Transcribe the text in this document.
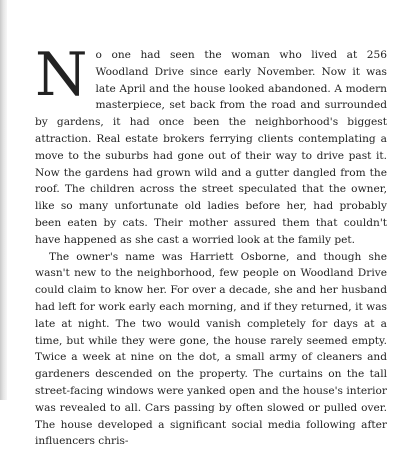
No one had seen the woman who lived at 256 Woodland Drive since early November. Now it was late April and the house looked abandoned. A modern masterpiece, set back from the road and surrounded by gardens, it had once been the neighborhood's biggest attraction. Real estate brokers ferrying clients contemplating a move to the suburbs had gone out of their way to drive past it. Now the gardens had grown wild and a gutter dangled from the roof. The children across the street speculated that the owner, like so many unfortunate old ladies before her, had probably been eaten by cats. Their mother assured them that couldn't have happened as she cast a worried look at the family pet.

The owner's name was Harriett Osborne, and though she wasn't new to the neighborhood, few people on Woodland Drive could claim to know her. For over a decade, she and her husband had left for work early each morning, and if they returned, it was late at night. The two would vanish completely for days at a time, but while they were gone, the house rarely seemed empty. Twice a week at nine on the dot, a small army of cleaners and gardeners descended on the property. The curtains on the tall street-facing windows were yanked open and the house's interior was revealed to all. Cars passing by often slowed or pulled over. The house developed a significant social media following after influencers chris-
